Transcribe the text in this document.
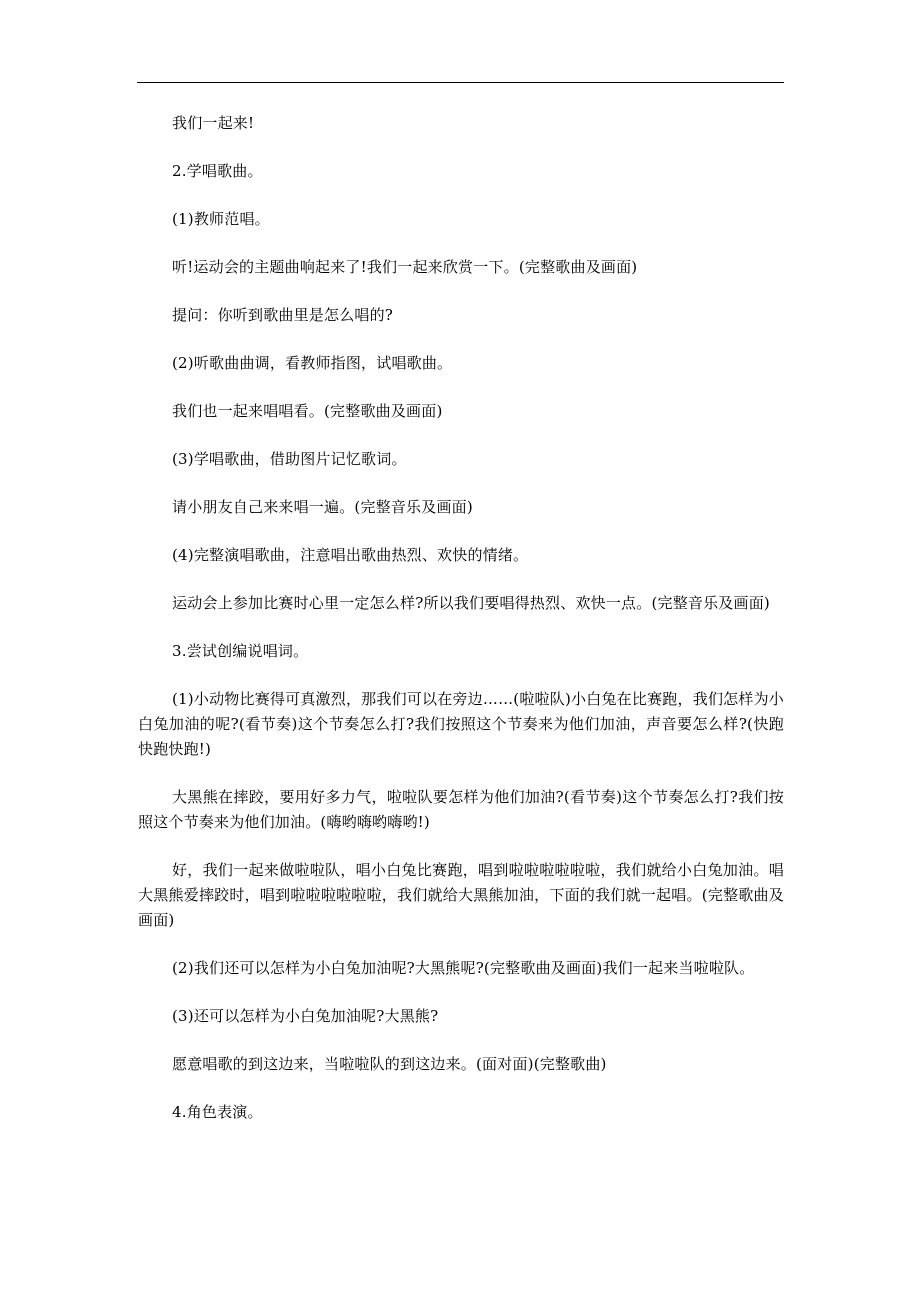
我们一起来!

2.学唱歌曲。

(1)教师范唱。

听!运动会的主题曲响起来了!我们一起来欣赏一下。(完整歌曲及画面)

提问：你听到歌曲里是怎么唱的?

(2)听歌曲曲调，看教师指图，试唱歌曲。

我们也一起来唱唱看。(完整歌曲及画面)

(3)学唱歌曲，借助图片记忆歌词。

请小朋友自己来来唱一遍。(完整音乐及画面)

(4)完整演唱歌曲，注意唱出歌曲热烈、欢快的情绪。

运动会上参加比赛时心里一定怎么样?所以我们要唱得热烈、欢快一点。(完整音乐及画面)

3.尝试创编说唱词。

(1)小动物比赛得可真激烈，那我们可以在旁边……(啦啦队)小白兔在比赛跑，我们怎样为小白兔加油的呢?(看节奏)这个节奏怎么打?我们按照这个节奏来为他们加油，声音要怎么样?(快跑快跑快跑!)

大黑熊在摔跤，要用好多力气，啦啦队要怎样为他们加油?(看节奏)这个节奏怎么打?我们按照这个节奏来为他们加油。(嗨哟嗨哟嗨哟!)

好，我们一起来做啦啦队，唱小白兔比赛跑，唱到啦啦啦啦啦啦，我们就给小白兔加油。唱大黑熊爱摔跤时，唱到啦啦啦啦啦啦，我们就给大黑熊加油，下面的我们就一起唱。(完整歌曲及画面)

(2)我们还可以怎样为小白兔加油呢?大黑熊呢?(完整歌曲及画面)我们一起来当啦啦队。

(3)还可以怎样为小白兔加油呢?大黑熊?

愿意唱歌的到这边来，当啦啦队的到这边来。(面对面)(完整歌曲)

4.角色表演。
